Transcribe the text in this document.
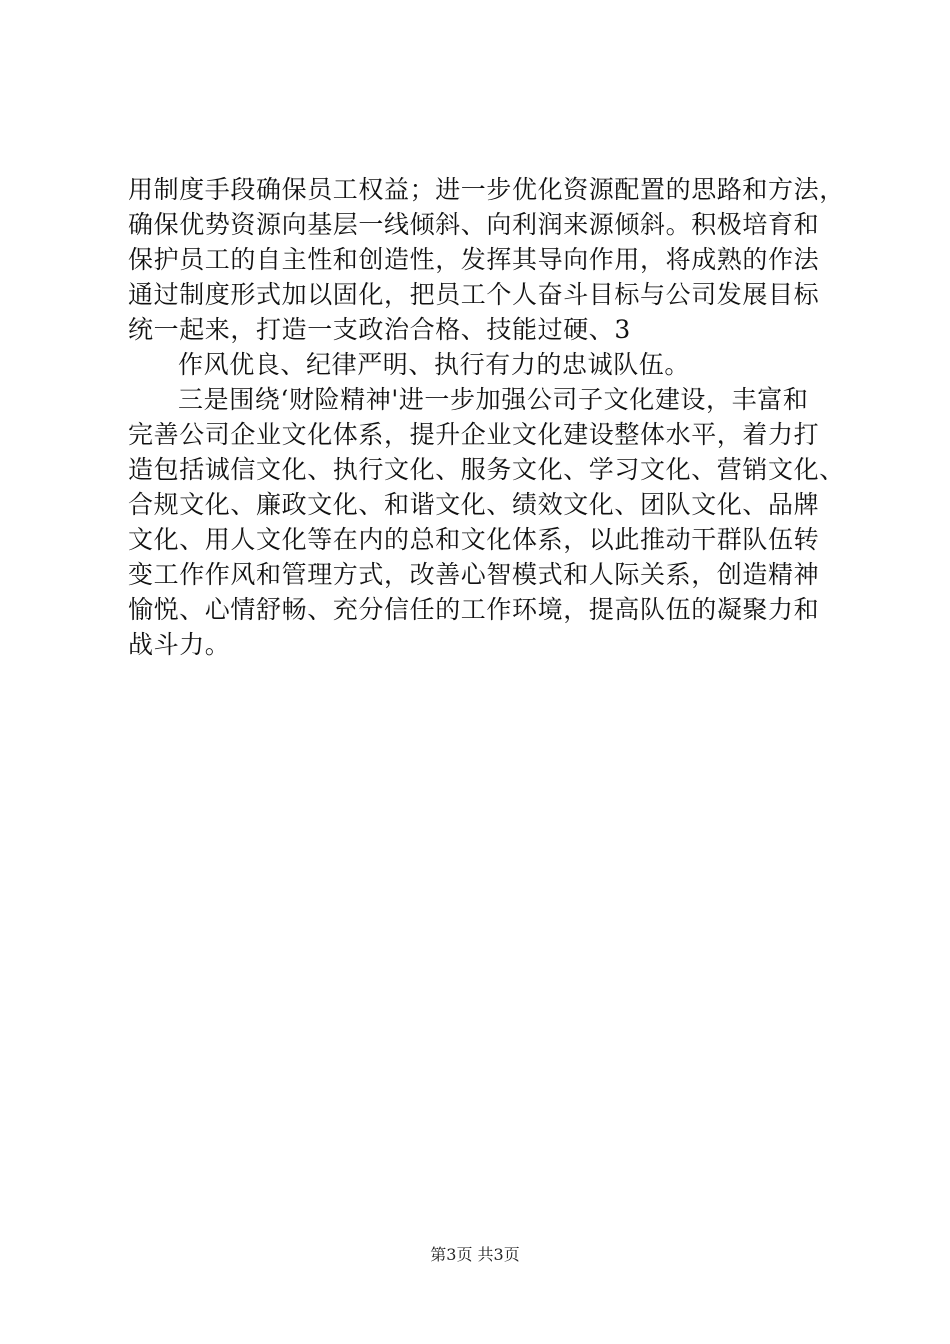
用制度手段确保员工权益；进一步优化资源配置的思路和方法，
确保优势资源向基层一线倾斜、向利润来源倾斜。积极培育和
保护员工的自主性和创造性，发挥其导向作用，将成熟的作法
通过制度形式加以固化，把员工个人奋斗目标与公司发展目标
统一起来，打造一支政治合格、技能过硬、3
作风优良、纪律严明、执行有力的忠诚队伍。
三是围绕‘财险精神'进一步加强公司子文化建设，丰富和
完善公司企业文化体系，提升企业文化建设整体水平，着力打
造包括诚信文化、执行文化、服务文化、学习文化、营销文化、
合规文化、廉政文化、和谐文化、绩效文化、团队文化、品牌
文化、用人文化等在内的总和文化体系，以此推动干群队伍转
变工作作风和管理方式，改善心智模式和人际关系，创造精神
愉悦、心情舒畅、充分信任的工作环境，提高队伍的凝聚力和
战斗力。
第3页 共3页
